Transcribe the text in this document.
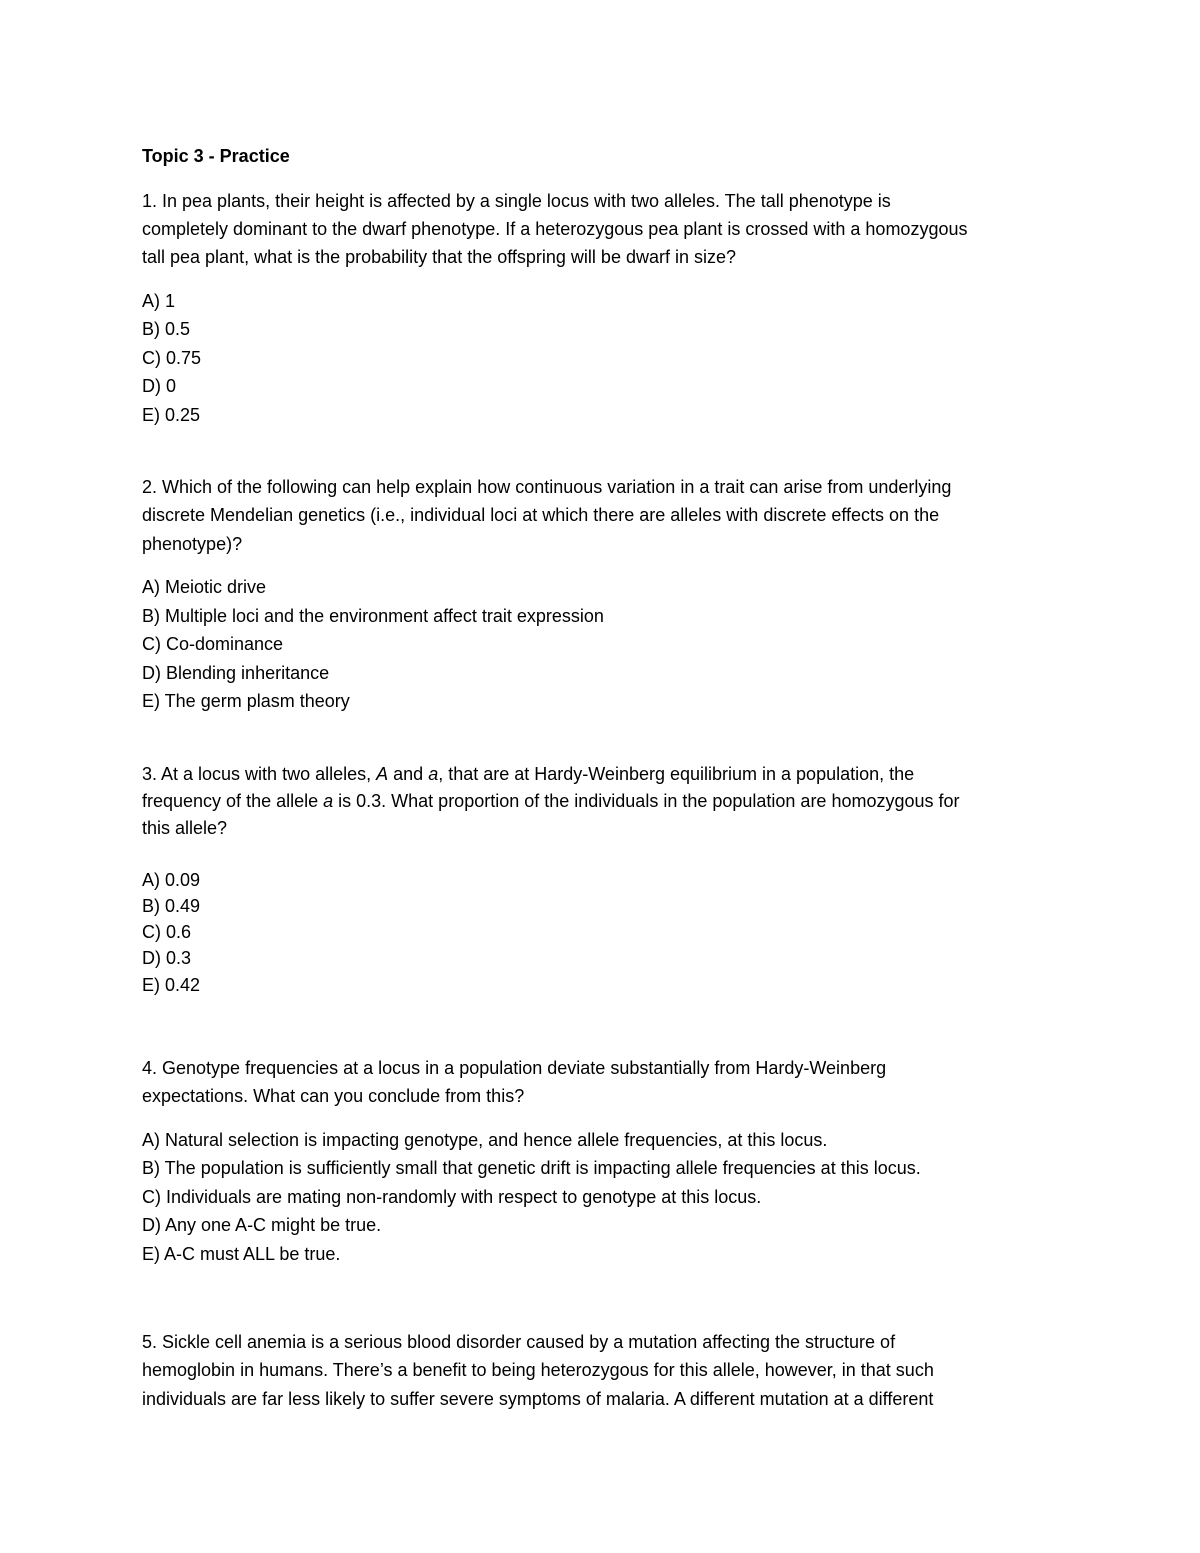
Topic 3 - Practice
1. In pea plants, their height is affected by a single locus with two alleles. The tall phenotype is
completely dominant to the dwarf phenotype. If a heterozygous pea plant is crossed with a homozygous
tall pea plant, what is the probability that the offspring will be dwarf in size?
A) 1
B) 0.5
C) 0.75
D) 0
E) 0.25
2. Which of the following can help explain how continuous variation in a trait can arise from underlying
discrete Mendelian genetics (i.e., individual loci at which there are alleles with discrete effects on the
phenotype)?
A) Meiotic drive
B) Multiple loci and the environment affect trait expression
C) Co-dominance
D) Blending inheritance
E) The germ plasm theory
3. At a locus with two alleles, A and a, that are at Hardy-Weinberg equilibrium in a population, the
frequency of the allele a is 0.3. What proportion of the individuals in the population are homozygous for
this allele?
A) 0.09
B) 0.49
C) 0.6
D) 0.3
E) 0.42
4. Genotype frequencies at a locus in a population deviate substantially from Hardy-Weinberg
expectations. What can you conclude from this?
A) Natural selection is impacting genotype, and hence allele frequencies, at this locus.
B) The population is sufficiently small that genetic drift is impacting allele frequencies at this locus.
C) Individuals are mating non-randomly with respect to genotype at this locus.
D) Any one A-C might be true.
E) A-C must ALL be true.
5. Sickle cell anemia is a serious blood disorder caused by a mutation affecting the structure of
hemoglobin in humans. There’s a benefit to being heterozygous for this allele, however, in that such
individuals are far less likely to suffer severe symptoms of malaria. A different mutation at a different
